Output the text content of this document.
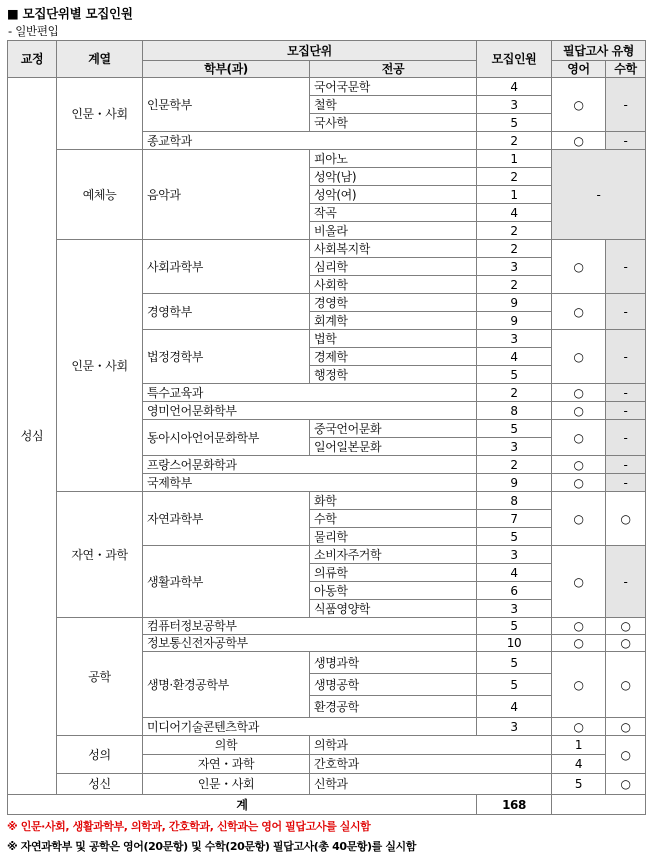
■ 모집단위별 모집인원
- 일반편입
교정	계열	모집단위		모집인원	필답고사 유형		
		학부(과)	전공		영어	수학	
성심	인문・사회	인문학부	국어국문학	4	○	-	
			철학	3			
			국사학	5			
		종교학과		2	○	-	
	예체능	음악과	피아노	1	-		
			성악(남)	2			
			성악(여)	1			
			작곡	4			
			비올라	2			
	인문・사회	사회과학부	사회복지학	2	○	-	
			심리학	3			
			사회학	2			
		경영학부	경영학	9	○	-	
			회계학	9			
		법정경학부	법학	3	○	-	
			경제학	4			
			행정학	5			
		특수교육과		2	○	-	
		영미언어문화학부		8	○	-	
		동아시아언어문화학부	중국언어문화	5	○	-	
			일어일본문화	3			
		프랑스어문화학과		2	○	-	
		국제학부		9	○	-	
	자연・과학	자연과학부	화학	8	○	○	
			수학	7			
			물리학	5			
		생활과학부	소비자주거학	3	○	-	
			의류학	4			
			아동학	6			
			식품영양학	3			
	공학	컴퓨터정보공학부		5	○	○	
		정보통신전자공학부		10	○	○	
		생명·환경공학부	생명과학	5	○	○	
			생명공학	5			
			환경공학	4			
		미디어기술콘텐츠학과		3	○	○	
	성의	의학	의학과		1	○	
		자연・과학	간호학과		4		
	성신	인문・사회	신학과		5	○	
계				168			
※ 인문·사회, 생활과학부, 의학과, 간호학과, 신학과는 영어 필답고사를 실시함
※ 자연과학부 및 공학은 영어(20문항) 및 수학(20문항) 필답고사(총 40문항)를 실시함
